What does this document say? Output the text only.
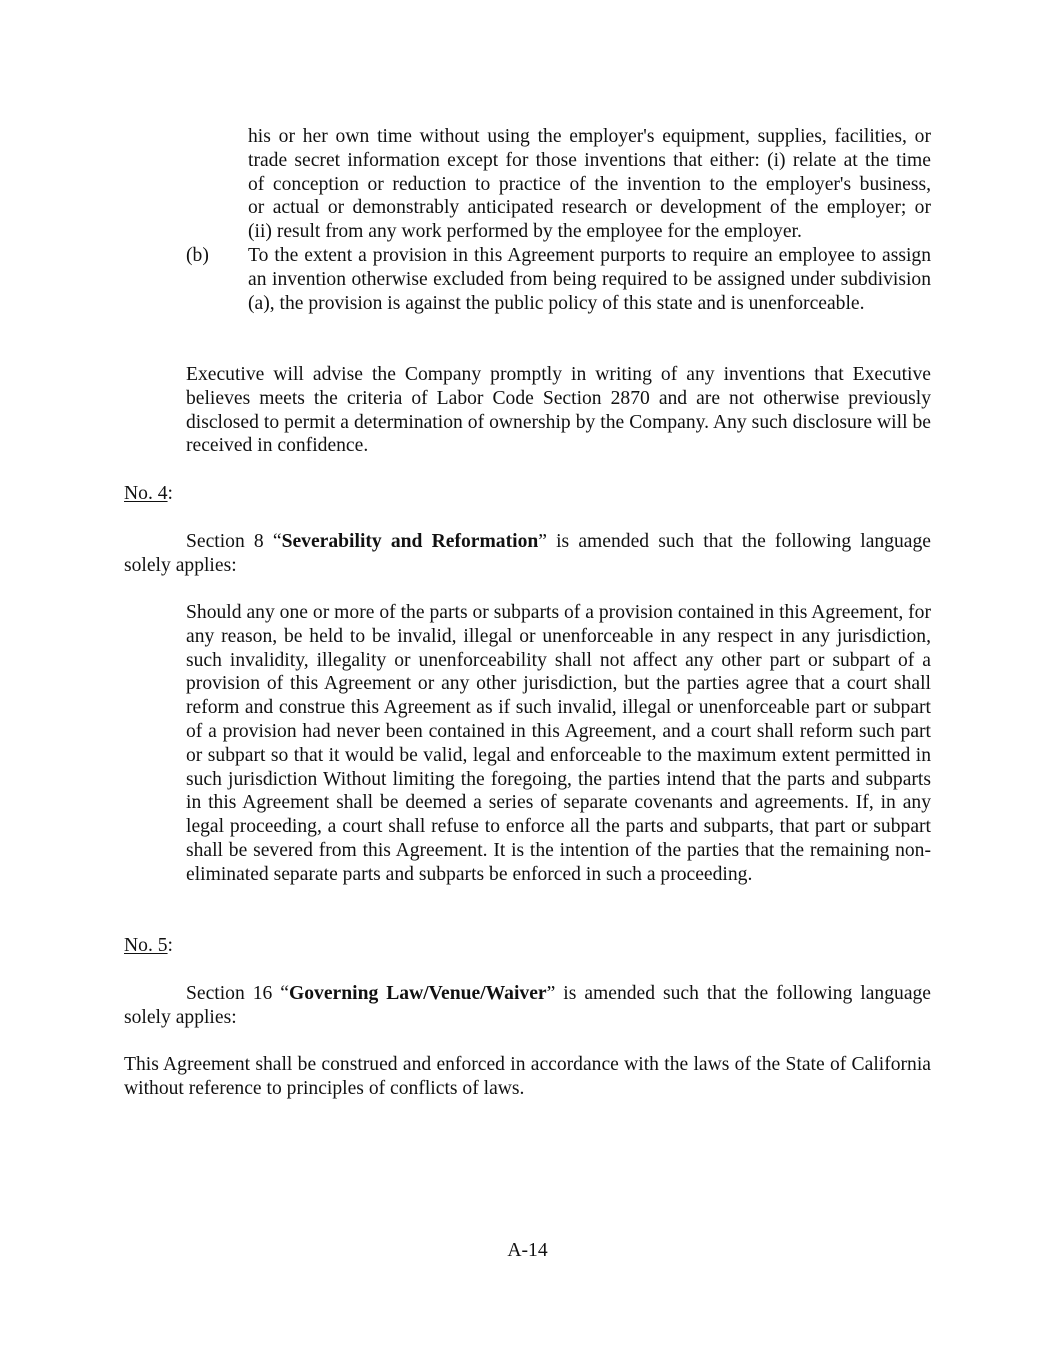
his or her own time without using the employer's equipment, supplies, facilities, or

trade secret information except for those inventions that either: (i) relate at the time

of conception or reduction to practice of the invention to the employer's business,

or actual or demonstrably anticipated research or development of the employer; or

(ii) result from any work performed by the employee for the employer.

(b) To the extent a provision in this Agreement purports to require an employee to assign an invention otherwise excluded from being required to be assigned under subdivision (a), the provision is against the public policy of this state and is unenforceable.

Executive will advise the Company promptly in writing of any inventions that Executive believes meets the criteria of Labor Code Section 2870 and are not otherwise previously disclosed to permit a determination of ownership by the Company. Any such disclosure will be received in confidence.

No. 4:

Section 8 “Severability and Reformation” is amended such that the following language solely applies:

Should any one or more of the parts or subparts of a provision contained in this Agreement, for any reason, be held to be invalid, illegal or unenforceable in any respect in any jurisdiction, such invalidity, illegality or unenforceability shall not affect any other part or subpart of a provision of this Agreement or any other jurisdiction, but the parties agree that a court shall reform and construe this Agreement as if such invalid, illegal or unenforceable part or subpart of a provision had never been contained in this Agreement, and a court shall reform such part or subpart so that it would be valid, legal and enforceable to the maximum extent permitted in such jurisdiction Without limiting the foregoing, the parties intend that the parts and subparts in this Agreement shall be deemed a series of separate covenants and agreements. If, in any legal proceeding, a court shall refuse to enforce all the parts and subparts, that part or subpart shall be severed from this Agreement. It is the intention of the parties that the remaining non-eliminated separate parts and subparts be enforced in such a proceeding.

No. 5:

Section 16 “Governing Law/Venue/Waiver” is amended such that the following language solely applies:

This Agreement shall be construed and enforced in accordance with the laws of the State of California without reference to principles of conflicts of laws.

A-14
